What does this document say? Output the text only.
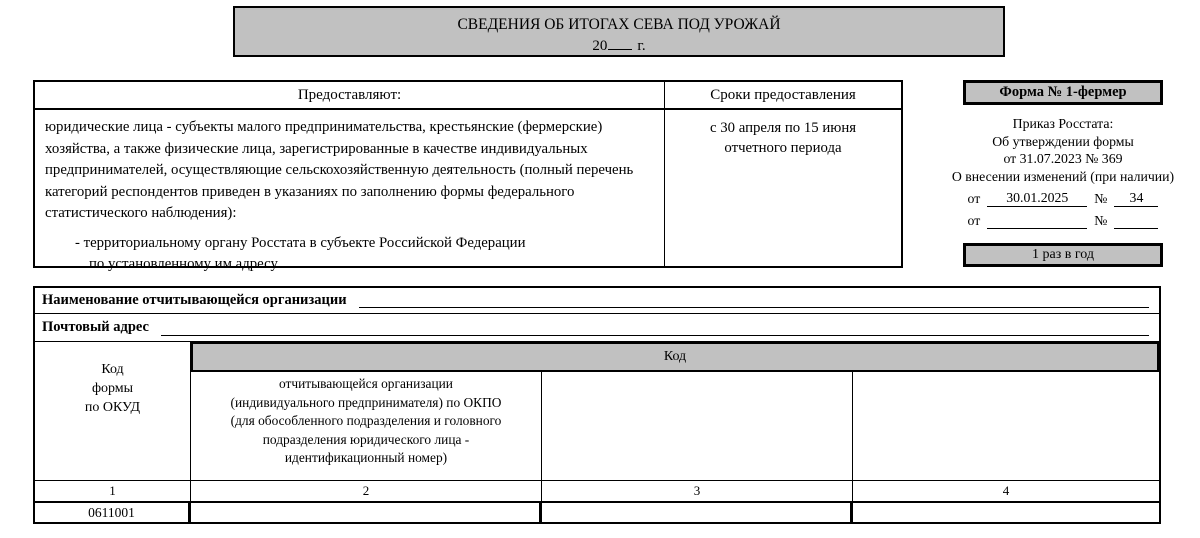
СВЕДЕНИЯ ОБ ИТОГАХ СЕВА ПОД УРОЖАЙ
20 г.
Предоставляют:	Сроки предоставления
юридические лица - субъекты малого предпринимательства, крестьянские (фермерские) хозяйства, а также физические лица, зарегистрированные в качестве индивидуальных предпринимателей, осуществляющие сельскохозяйственную деятельность (полный перечень категорий респондентов приведен в указаниях по заполнению формы федерального статистического наблюдения):
- территориальному органу Росстата в субъекте Российской Федерации
по установленному им адресу
с 30 апреля по 15 июня
отчетного периода
Форма № 1-фермер
Приказ Росстата:
Об утверждении формы
от 31.07.2023 № 369
О внесении изменений (при наличии)
от	30.01.2025	№	34
от	№
1 раз в год
Наименование отчитывающейся организации
Почтовый адрес
Код
формы
по ОКУД
Код
отчитывающейся организации
(индивидуального предпринимателя) по ОКПО
(для обособленного подразделения и головного
подразделения юридического лица -
идентификационный номер)
1	2	3	4
0611001
